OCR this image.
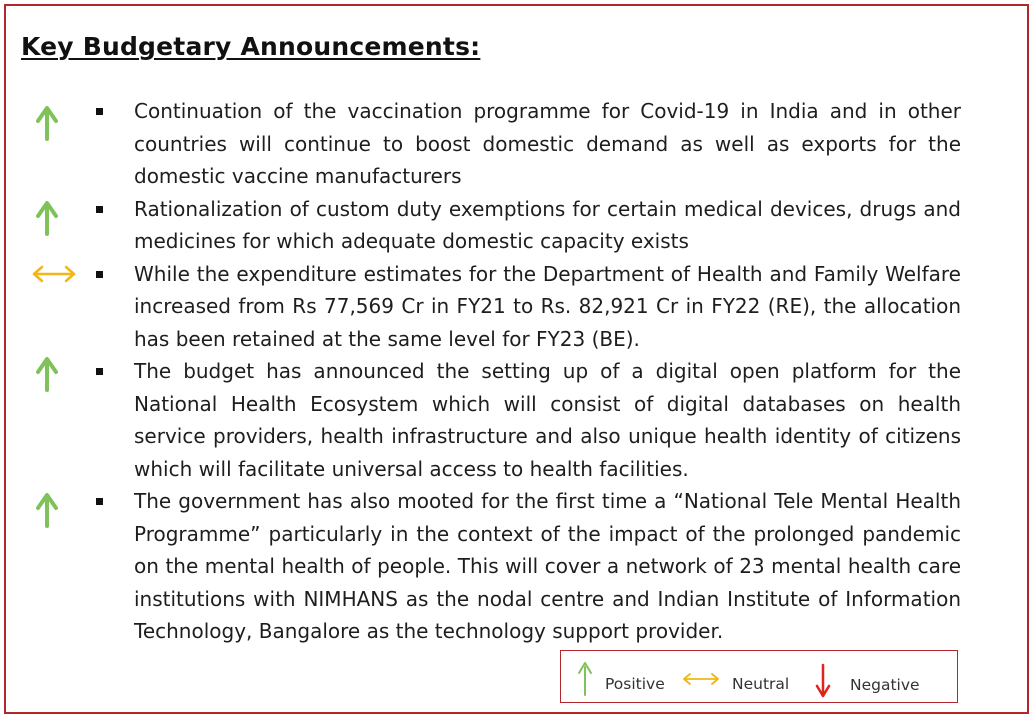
Key Budgetary Announcements:

Continuation of the vaccination programme for Covid-19 in India and in other countries will continue to boost domestic demand as well as exports for the domestic vaccine manufacturers

Rationalization of custom duty exemptions for certain medical devices, drugs and medicines for which adequate domestic capacity exists

While the expenditure estimates for the Department of Health and Family Welfare increased from Rs 77,569 Cr in FY21 to Rs. 82,921 Cr in FY22 (RE), the allocation has been retained at the same level for FY23 (BE).

The budget has announced the setting up of a digital open platform for the National Health Ecosystem which will consist of digital databases on health service providers, health infrastructure and also unique health identity of citizens which will facilitate universal access to health facilities.

The government has also mooted for the first time a “National Tele Mental Health Programme” particularly in the context of the impact of the prolonged pandemic on the mental health of people. This will cover a network of 23 mental health care institutions with NIMHANS as the nodal centre and Indian Institute of Information Technology, Bangalore as the technology support provider.

Positive	Neutral	Negative
